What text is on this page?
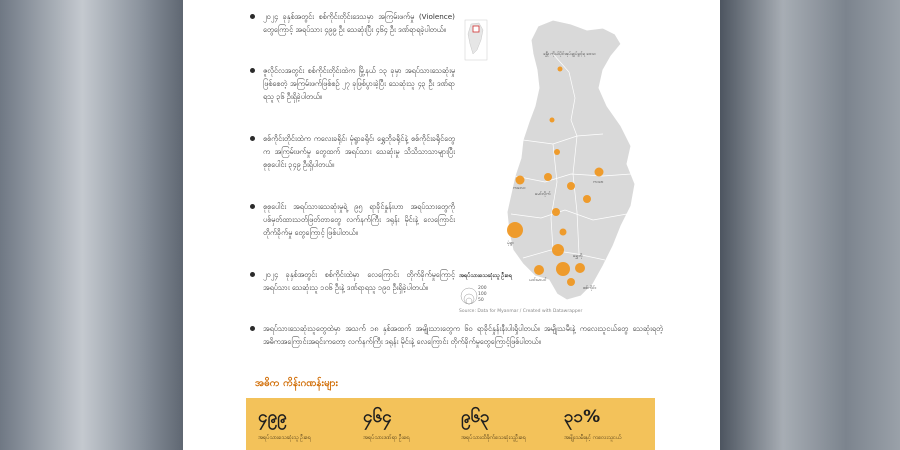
၂၀၂၄ ခုနှစ်အတွင်း စစ်ကိုင်းတိုင်းဒေသမှာ အကြမ်းဖက်မှု (Violence) တွေကြောင့် အရပ်သား ၄၉၉ ဦး သေဆုံးပြီး ၄၆၄ ဦး ဒဏ်ရာရခဲ့ပါတယ်။
ဇူလိုင်လအတွင်း စစ်ကိုင်းတိုင်းထဲက မြို့နယ် ၁၃ ခုမှာ အရပ်သားသေဆုံးမှုဖြစ်စေတဲ့ အကြမ်းဖက်ဖြစ်စဉ် ၂၇ ခုဖြစ်ပွားခဲ့ပြီး သေဆုံးသူ ၄၃ ဦး ဒဏ်ရာရသူ ၃၆ ဦးရှိခဲ့ပါတယ်။
စစ်ကိုင်းတိုင်းထဲက ကလေးခရိုင်၊ မုံရွာခရိုင်၊ ရွှေဘိုခရိုင်နဲ့ စစ်ကိုင်းခရိုင်တွေက အကြမ်းဖက်မှု တွေထက် အရပ်သား သေဆုံးမှု သိသိသာသာများပြီး စုစုပေါင်း ၃၄၉ ဦးရှိပါတယ်။
စုစုပေါင်း အရပ်သားသေဆုံးမှုရဲ့ ၉၅ ရာခိုင်နှုန်းဟာ အရပ်သားတွေကို ပစ်မှတ်ထားသတ်ဖြတ်တာတွေ လက်နက်ကြီး ဒရုန်း မိုင်းနဲ့ လေကြောင်းတိုက်ခိုက်မှု တွေကြောင့် ဖြစ်ပါတယ်။
၂၀၂၄ ခုနှစ်အတွင်း စစ်ကိုင်းထဲမှာ လေကြောင်း တိုက်ခိုက်မှုကြောင့် အရပ်သား သေဆုံးသူ ၁၀၆ ဦးနဲ့ ဒဏ်ရာရသူ ၁၉၀ ဦးရှိခဲ့ပါတယ်။
ခန္တီး ကိုယ်ပိုင်အုပ်ချုပ်ခွင့်ရ ဒေသ
ကလေး
မော်လိုက်
ကသာ
မုံရွာ
ရွှေဘို
ယင်းမာပင်
စစ်ကိုင်း
အရပ်သားသေဆုံးသူ ဦးရေ
200
100
50
Source: Data for Myanmar / Created with Datawrapper
အရပ်သားသေဆုံးသူတွေထဲမှာ အသက် ၁၈ နှစ်အထက် အမျိုးသားတွေက ၆၀ ရာခိုင်နှုန်းနီးပါးရှိပါတယ်။ အမျိုးသမီးနဲ့ ကလေးသူငယ်တွေ သေဆုံးရတဲ့ အဓိကအကြောင်းအရင်းကတော့ လက်နက်ကြီး ဒရုန်း မိုင်းနဲ့ လေကြောင်း တိုက်ခိုက်မှုတွေကြောင့်ဖြစ်ပါတယ်။
အဓိက ကိန်းဂဏန်းများ
၄၉၉
အရပ်သားသေဆုံးသူ ဦးရေ
၄၆၄
အရပ်သားဒဏ်ရာ ဦးရေ
၉၆၃
အရပ်သားထိခိုက်သေဆုံးသူဦးရေ
၃၁%
အမျိုးသမီးနှင့် ကလေးသူငယ်
